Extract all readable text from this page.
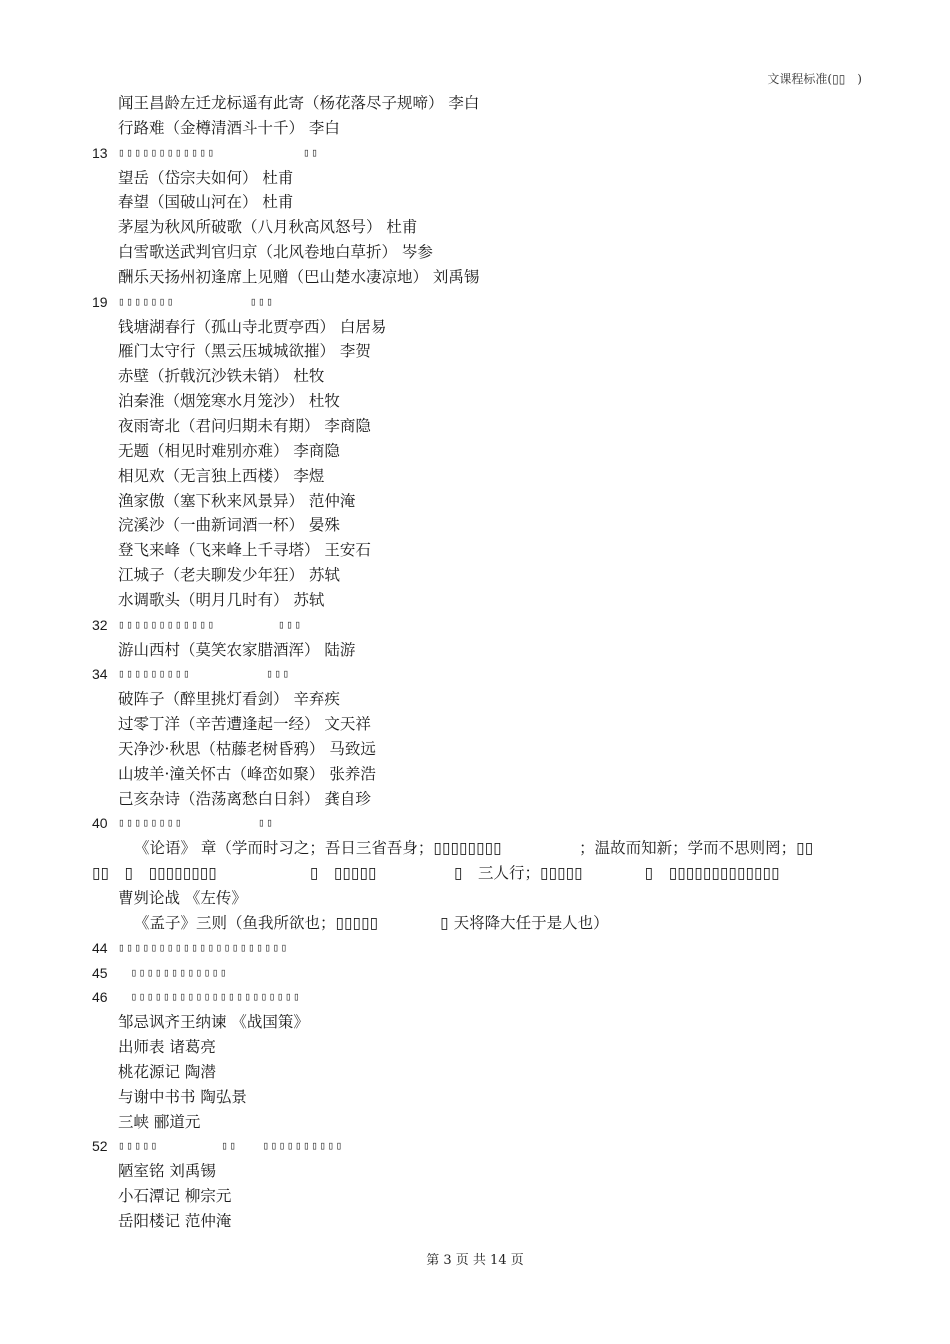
文课程标准(▯▯　)
闻王昌龄左迁龙标遥有此寄（杨花落尽子规啼） 李白
行路难（金樽清酒斗十千） 李白
13 ▯▯▯▯▯▯▯▯▯▯▯▯　　　　　　　▯▯
望岳（岱宗夫如何） 杜甫
春望（国破山河在） 杜甫
茅屋为秋风所破歌（八月秋高风怒号） 杜甫
白雪歌送武判官归京（北风卷地白草折） 岑参
酬乐天扬州初逢席上见赠（巴山楚水凄凉地） 刘禹锡
19 ▯▯▯▯▯▯▯　　　　　　▯▯▯
钱塘湖春行（孤山寺北贾亭西） 白居易
雁门太守行（黑云压城城欲摧） 李贺
赤壁（折戟沉沙铁未销） 杜牧
泊秦淮（烟笼寒水月笼沙） 杜牧
夜雨寄北（君问归期未有期） 李商隐
无题（相见时难别亦难） 李商隐
相见欢（无言独上西楼） 李煜
渔家傲（塞下秋来风景异） 范仲淹
浣溪沙（一曲新词酒一杯） 晏殊
登飞来峰（飞来峰上千寻塔） 王安石
江城子（老夫聊发少年狂） 苏轼
水调歌头（明月几时有） 苏轼
32 ▯▯▯▯▯▯▯▯▯▯▯▯　　　　　▯▯▯
游山西村（莫笑农家腊酒浑） 陆游
34 ▯▯▯▯▯▯▯▯▯　　　　　　▯▯▯
破阵子（醉里挑灯看剑） 辛弃疾
过零丁洋（辛苦遭逢起一经） 文天祥
天净沙·秋思（枯藤老树昏鸦） 马致远
山坡羊·潼关怀古（峰峦如聚） 张养浩
己亥杂诗（浩荡离愁白日斜） 龚自珍
40 ▯▯▯▯▯▯▯▯　　　　　　▯▯
《论语》 章（学而时习之；吾日三省吾身；▯▯▯▯▯▯▯▯　　　　　；温故而知新；学而不思则罔；▯▯
▯▯　▯　▯▯▯▯▯▯▯▯　　　　　　▯　▯▯▯▯▯　　　　　▯　三人行；▯▯▯▯▯　　　　▯　▯▯▯▯▯▯▯▯▯▯▯▯▯
曹刿论战 《左传》
《孟子》三则（鱼我所欲也；▯▯▯▯▯　　　　▯ 天将降大任于是人也）
44 ▯▯▯▯▯▯▯▯▯▯▯▯▯▯▯▯▯▯▯▯▯
45 　▯▯▯▯▯▯▯▯▯▯▯▯
46 　▯▯▯▯▯▯▯▯▯▯▯▯▯▯▯▯▯▯▯▯▯
邹忌讽齐王纳谏 《战国策》
出师表 诸葛亮
桃花源记 陶潜
与谢中书书 陶弘景
三峡 郦道元
52 ▯▯▯▯▯　　　　　▯▯　　▯▯▯▯▯▯▯▯▯▯
陋室铭 刘禹锡
小石潭记 柳宗元
岳阳楼记 范仲淹
第 3 页 共 14 页
